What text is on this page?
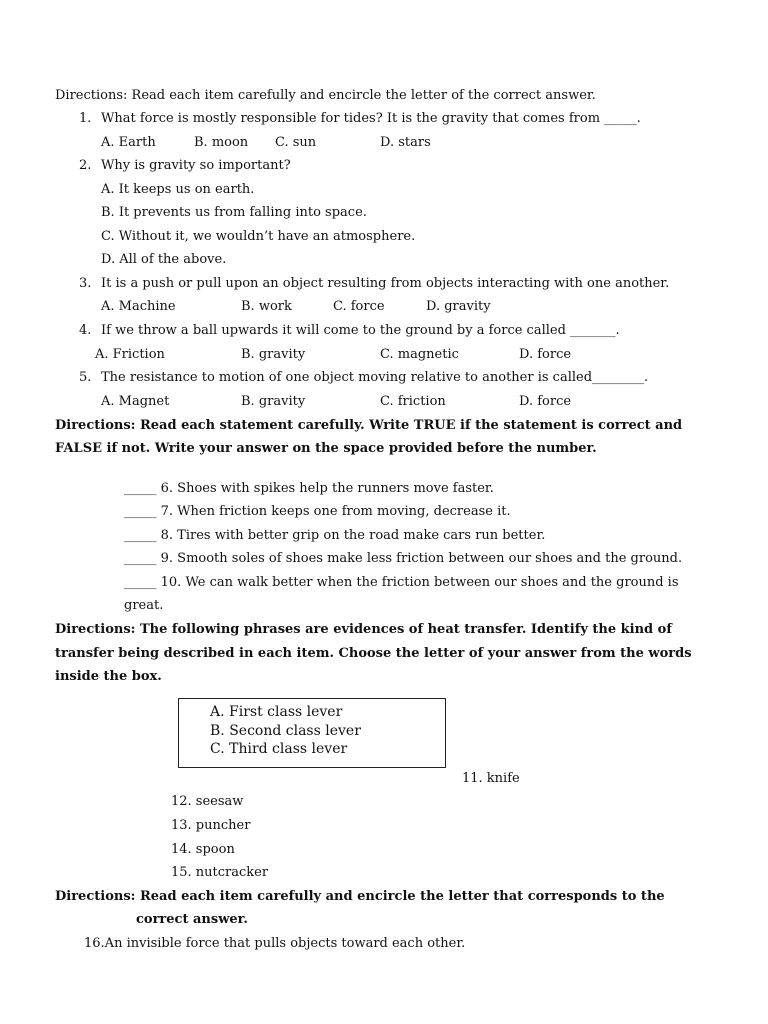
Directions: Read each item carefully and encircle the letter of the correct answer.
1. What force is mostly responsible for tides? It is the gravity that comes from _____.
A. Earth	B. moon C. sun	D. stars
2. Why is gravity so important?
A. It keeps us on earth.
B. It prevents us from falling into space.
C. Without it, we wouldn’t have an atmosphere.
D. All of the above.
3. It is a push or pull upon an object resulting from objects interacting with one another.
A. Machine	B. work	C. force	D. gravity
4. If we throw a ball upwards it will come to the ground by a force called _______.
A. Friction	B. gravity	C. magnetic	D. force
5. The resistance to motion of one object moving relative to another is called________.
A. Magnet	B. gravity	C. friction	D. force
Directions: Read each statement carefully. Write TRUE if the statement is correct and
FALSE if not. Write your answer on the space provided before the number.
_____ 6. Shoes with spikes help the runners move faster.
_____ 7. When friction keeps one from moving, decrease it.
_____ 8. Tires with better grip on the road make cars run better.
_____ 9. Smooth soles of shoes make less friction between our shoes and the ground.
_____ 10. We can walk better when the friction between our shoes and the ground is
great.
Directions: The following phrases are evidences of heat transfer. Identify the kind of
transfer being described in each item. Choose the letter of your answer from the words
inside the box.
A. First class lever
B. Second class lever
C. Third class lever
11. knife
12. seesaw
13. puncher
14. spoon
15. nutcracker
Directions: Read each item carefully and encircle the letter that corresponds to the
correct answer.
16.An invisible force that pulls objects toward each other.
